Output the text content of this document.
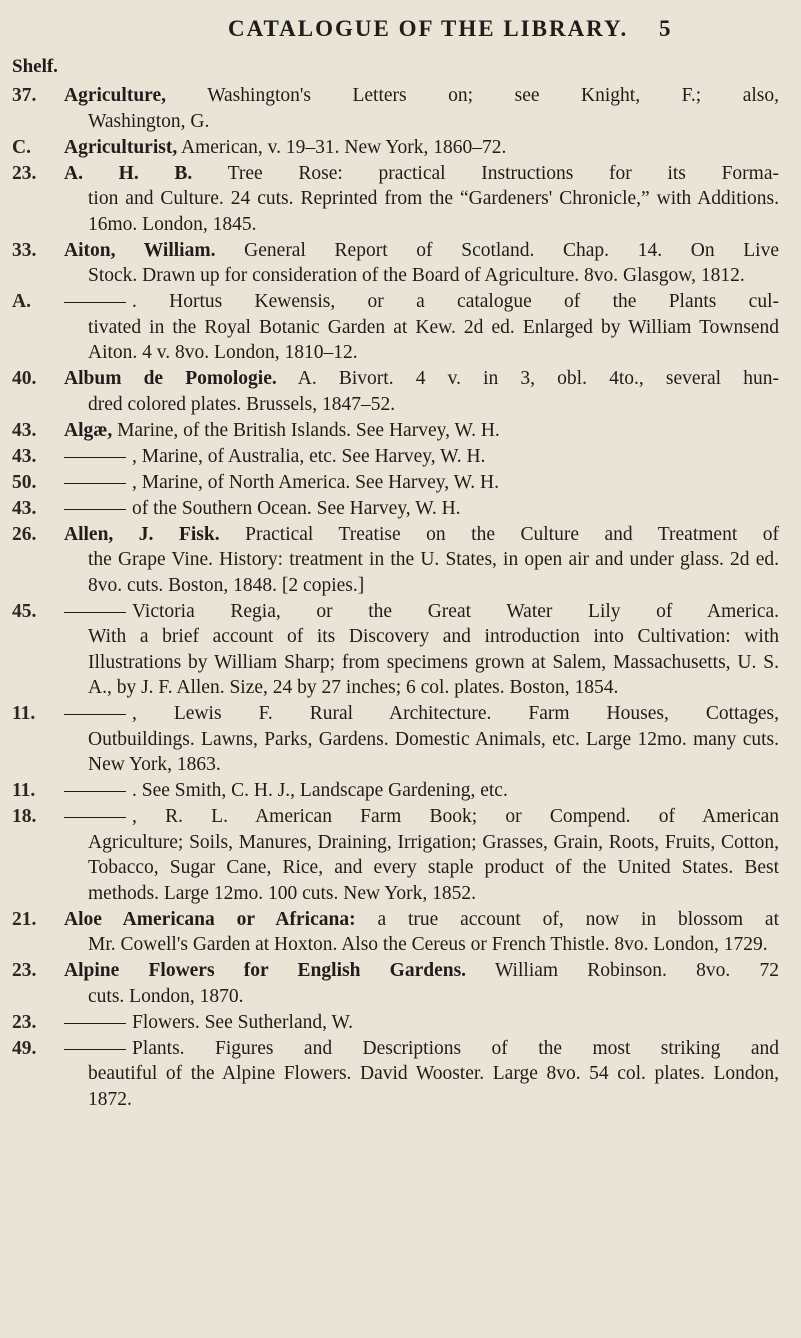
CATALOGUE OF THE LIBRARY. 5
Shelf.
37. Agriculture, Washington's Letters on; see Knight, F.; also,
Washington, G.
C. Agriculturist, American, v. 19–31. New York, 1860–72.
23. A. H. B. Tree Rose: practical Instructions for its Forma-
tion and Culture. 24 cuts. Reprinted from the “Gardeners' Chronicle,” with Additions. 16mo. London, 1845.
33. Aiton, William. General Report of Scotland. Chap. 14. On Live
Stock. Drawn up for consideration of the Board of Agriculture. 8vo. Glasgow, 1812.
A.	. Hortus Kewensis, or a catalogue of the Plants cul-
tivated in the Royal Botanic Garden at Kew. 2d ed. Enlarged by William Townsend Aiton. 4 v. 8vo. London, 1810–12.
40. Album de Pomologie. A. Bivort. 4 v. in 3, obl. 4to., several hun-
dred colored plates. Brussels, 1847–52.
43. Algæ, Marine, of the British Islands. See Harvey, W. H.
43.	, Marine, of Australia, etc. See Harvey, W. H.
50.	, Marine, of North America. See Harvey, W. H.
43.	of the Southern Ocean. See Harvey, W. H.
26. Allen, J. Fisk. Practical Treatise on the Culture and Treatment of
the Grape Vine. History: treatment in the U. States, in open air and under glass. 2d ed. 8vo. cuts. Boston, 1848. [2 copies.]
45.	Victoria Regia, or the Great Water Lily of America.
With a brief account of its Discovery and introduction into Cultivation: with Illustrations by William Sharp; from specimens grown at Salem, Massachusetts, U. S. A., by J. F. Allen. Size, 24 by 27 inches; 6 col. plates. Boston, 1854.
11.	, Lewis F. Rural Architecture. Farm Houses, Cottages,
Outbuildings. Lawns, Parks, Gardens. Domestic Animals, etc. Large 12mo. many cuts. New York, 1863.
11.	. See Smith, C. H. J., Landscape Gardening, etc.
18.	, R. L. American Farm Book; or Compend. of American
Agriculture; Soils, Manures, Draining, Irrigation; Grasses, Grain, Roots, Fruits, Cotton, Tobacco, Sugar Cane, Rice, and every staple product of the United States. Best methods. Large 12mo. 100 cuts. New York, 1852.
21. Aloe Americana or Africana: a true account of, now in blossom at
Mr. Cowell's Garden at Hoxton. Also the Cereus or French Thistle. 8vo. London, 1729.
23. Alpine Flowers for English Gardens. William Robinson. 8vo. 72
cuts. London, 1870.
23.	Flowers. See Sutherland, W.
49.	Plants. Figures and Descriptions of the most striking and
beautiful of the Alpine Flowers. David Wooster. Large 8vo. 54 col. plates. London, 1872.
